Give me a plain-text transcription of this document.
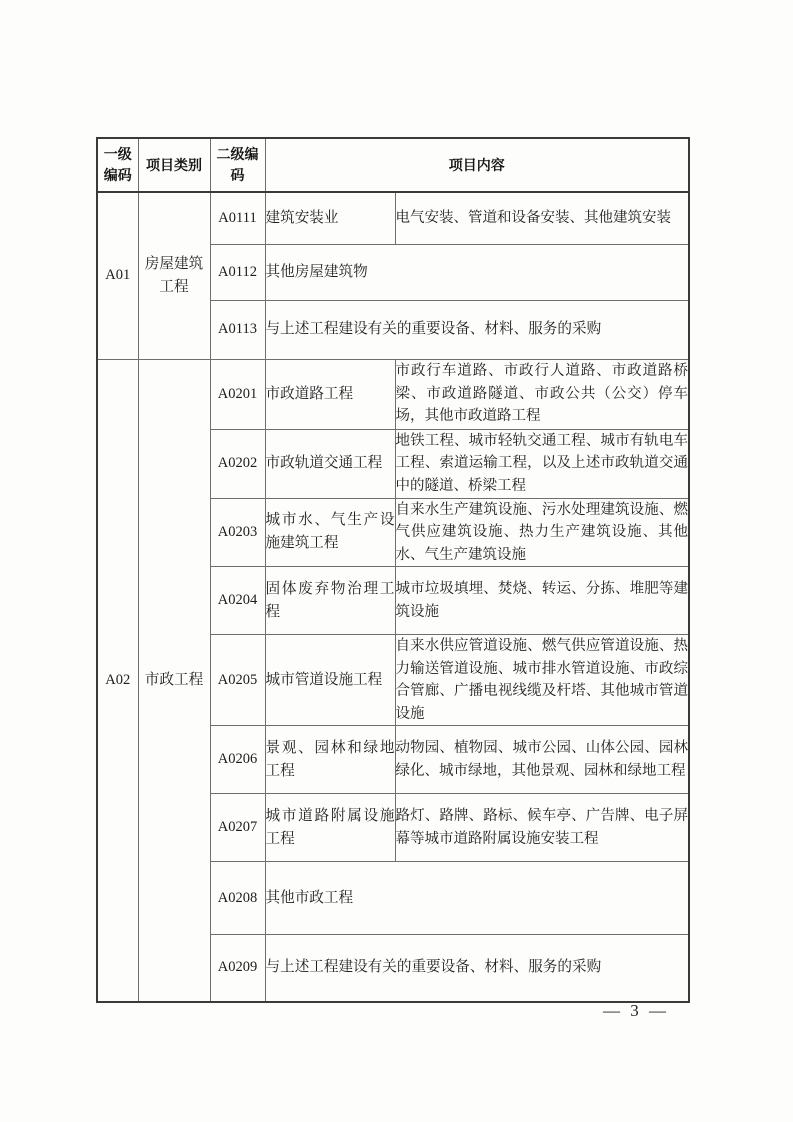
一级编码	项目类别	二级编码	项目内容	
A01	房屋建筑工程	A0111	建筑安装业	电气安装、管道和设备安装、其他建筑安装
		A0112	其他房屋建筑物	
		A0113	与上述工程建设有关的重要设备、材料、服务的采购	
A02	市政工程	A0201	市政道路工程	市政行车道路、市政行人道路、市政道路桥梁、市政道路隧道、市政公共（公交）停车场，其他市政道路工程
		A0202	市政轨道交通工程	地铁工程、城市轻轨交通工程、城市有轨电车工程、索道运输工程，以及上述市政轨道交通中的隧道、桥梁工程
		A0203	城市水、气生产设施建筑工程	自来水生产建筑设施、污水处理建筑设施、燃气供应建筑设施、热力生产建筑设施、其他水、气生产建筑设施
		A0204	固体废弃物治理工程	城市垃圾填埋、焚烧、转运、分拣、堆肥等建筑设施
		A0205	城市管道设施工程	自来水供应管道设施、燃气供应管道设施、热力输送管道设施、城市排水管道设施、市政综合管廊、广播电视线缆及杆塔、其他城市管道设施
		A0206	景观、园林和绿地工程	动物园、植物园、城市公园、山体公园、园林绿化、城市绿地，其他景观、园林和绿地工程
		A0207	城市道路附属设施工程	路灯、路牌、路标、候车亭、广告牌、电子屏幕等城市道路附属设施安装工程
		A0208	其他市政工程	
		A0209	与上述工程建设有关的重要设备、材料、服务的采购	
— 3 —
